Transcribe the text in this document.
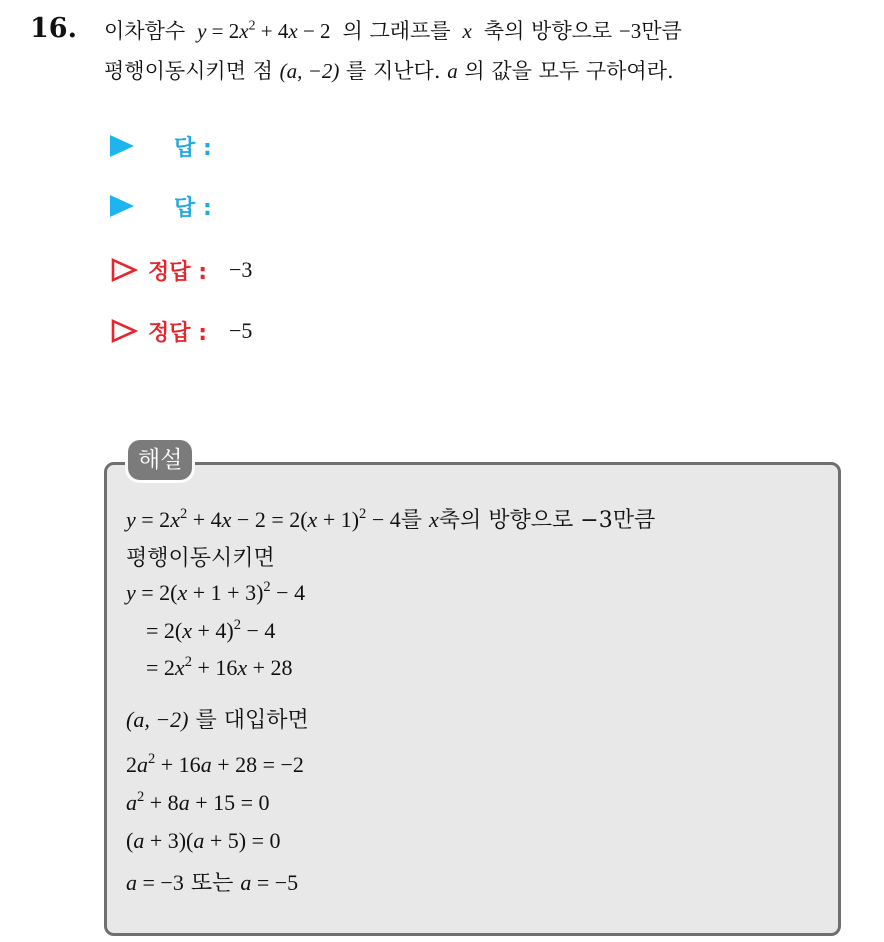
16. 이차함수 $y = 2x^2 + 4x - 2$  의 그래프를  x  축의 방향으로 −3만큼
평행이동시키면 점 (a, −2) 를 지난다. a 의 값을 모두 구하여라.
답 :
답 :
정답 : −3
정답 : −5
해설
$y = 2x^2 + 4x - 2 = 2(x + 1)^2 - 4$를 x축의 방향으로 −3만큼
평행이동시키면
$y = 2(x + 1 + 3)^2 - 4$
= $2(x + 4)^2 - 4$
= $2x^2 + 16x + 28$
(a, −2) 를 대입하면
$2a^2 + 16a + 28 = -2$
$a^2 + 8a + 15 = 0$
(a + 3)(a + 5) = 0
a = −3 또는 a = −5
